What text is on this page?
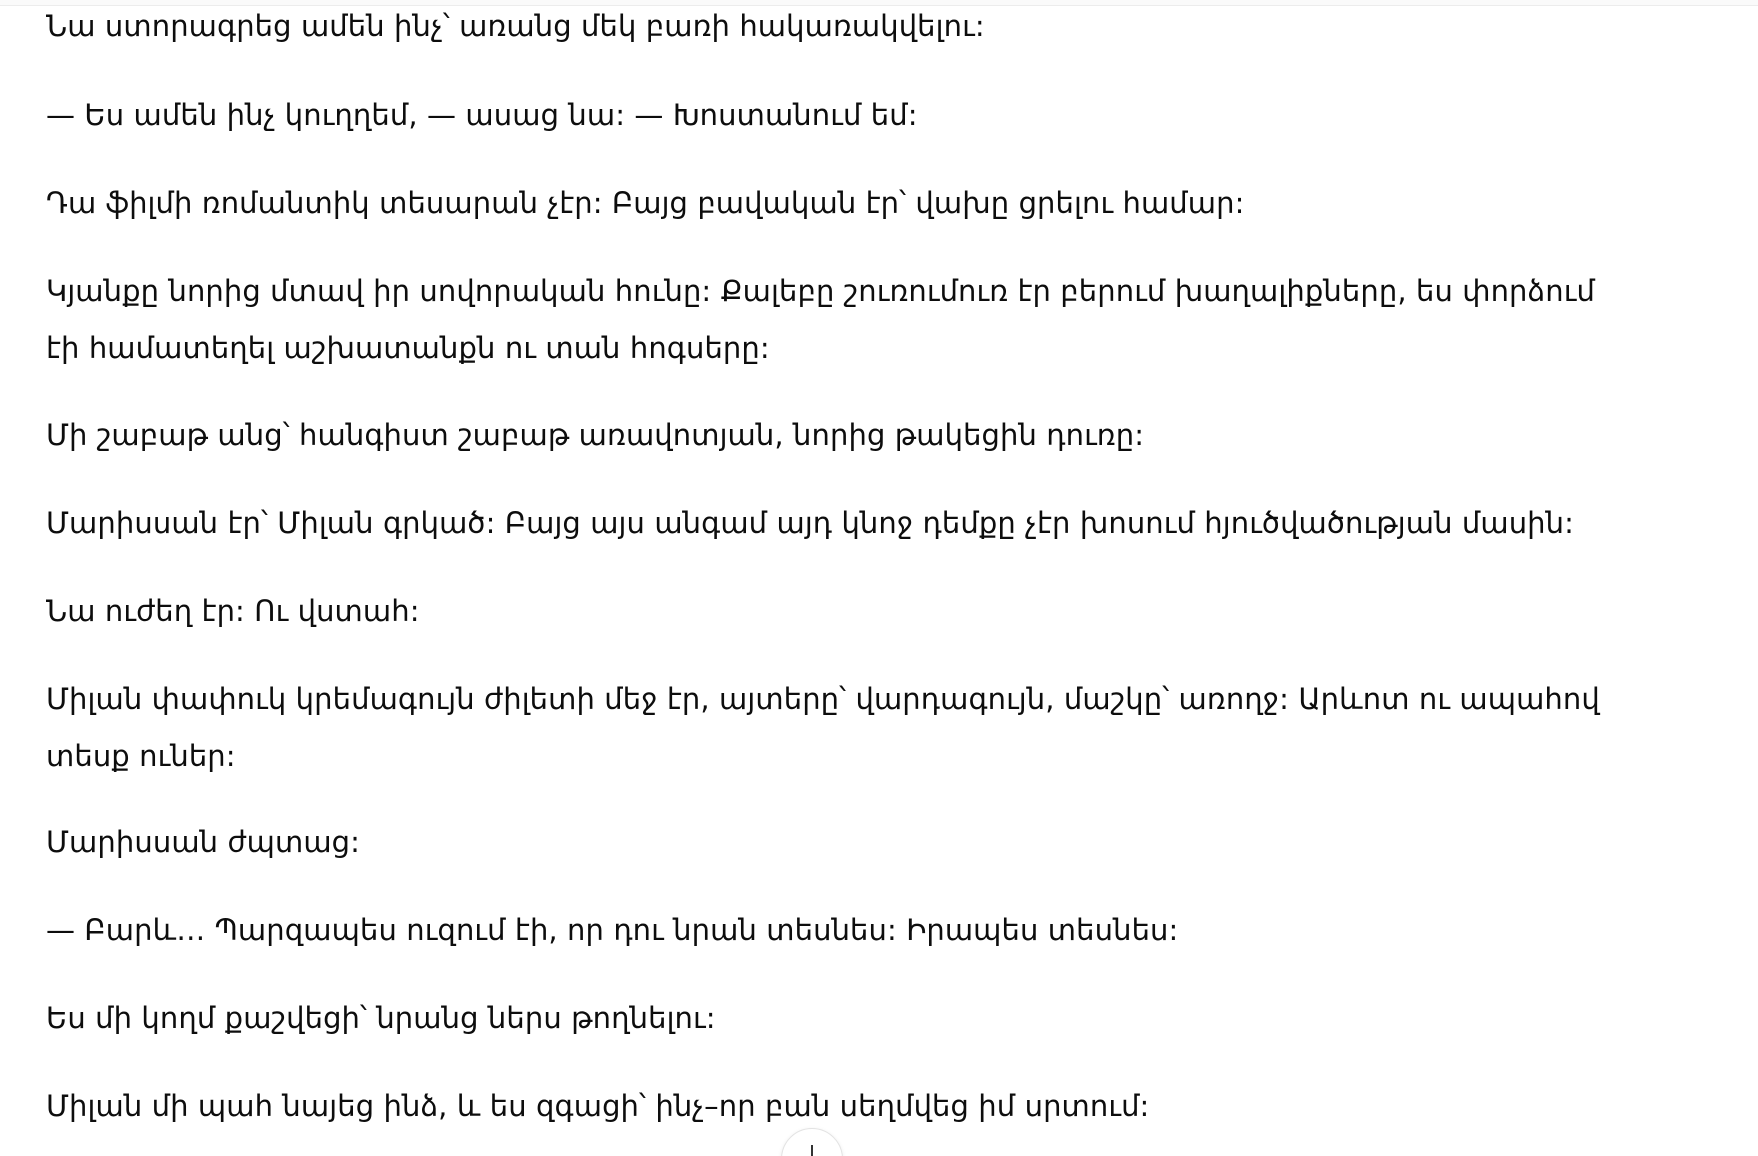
Նա ստորագրեց ամեն ինչ՝ առանց մեկ բառի հակառակվելու:

— Ես ամեն ինչ կուղղեմ, — ասաց նա: — Խոստանում եմ:

Դա ֆիլմի ռոմանտիկ տեսարան չէր: Բայց բավական էր՝ վախը ցրելու համար:

Կյանքը նորից մտավ իր սովորական հունը: Քալեբը շուռումուռ էր բերում խաղալիքները, ես փորձում էի համատեղել աշխատանքն ու տան հոգսերը:

Մի շաբաթ անց՝ հանգիստ շաբաթ առավոտյան, նորից թակեցին դուռը:

Մարիսսան էր՝ Միլան գրկած: Բայց այս անգամ այդ կնոջ դեմքը չէր խոսում հյուծվածության մասին:

Նա ուժեղ էր: Ու վստահ:

Միլան փափուկ կրեմագույն ժիլետի մեջ էր, այտերը՝ վարդագույն, մաշկը՝ առողջ: Արևոտ ու ապահով տեսք ուներ:

Մարիսսան ժպտաց:

— Բարև… Պարզապես ուզում էի, որ դու նրան տեսնես: Իրապես տեսնես:

Ես մի կողմ քաշվեցի՝ նրանց ներս թողնելու:

Միլան մի պահ նայեց ինձ, և ես զգացի՝ ինչ–որ բան սեղմվեց իմ սրտում:
